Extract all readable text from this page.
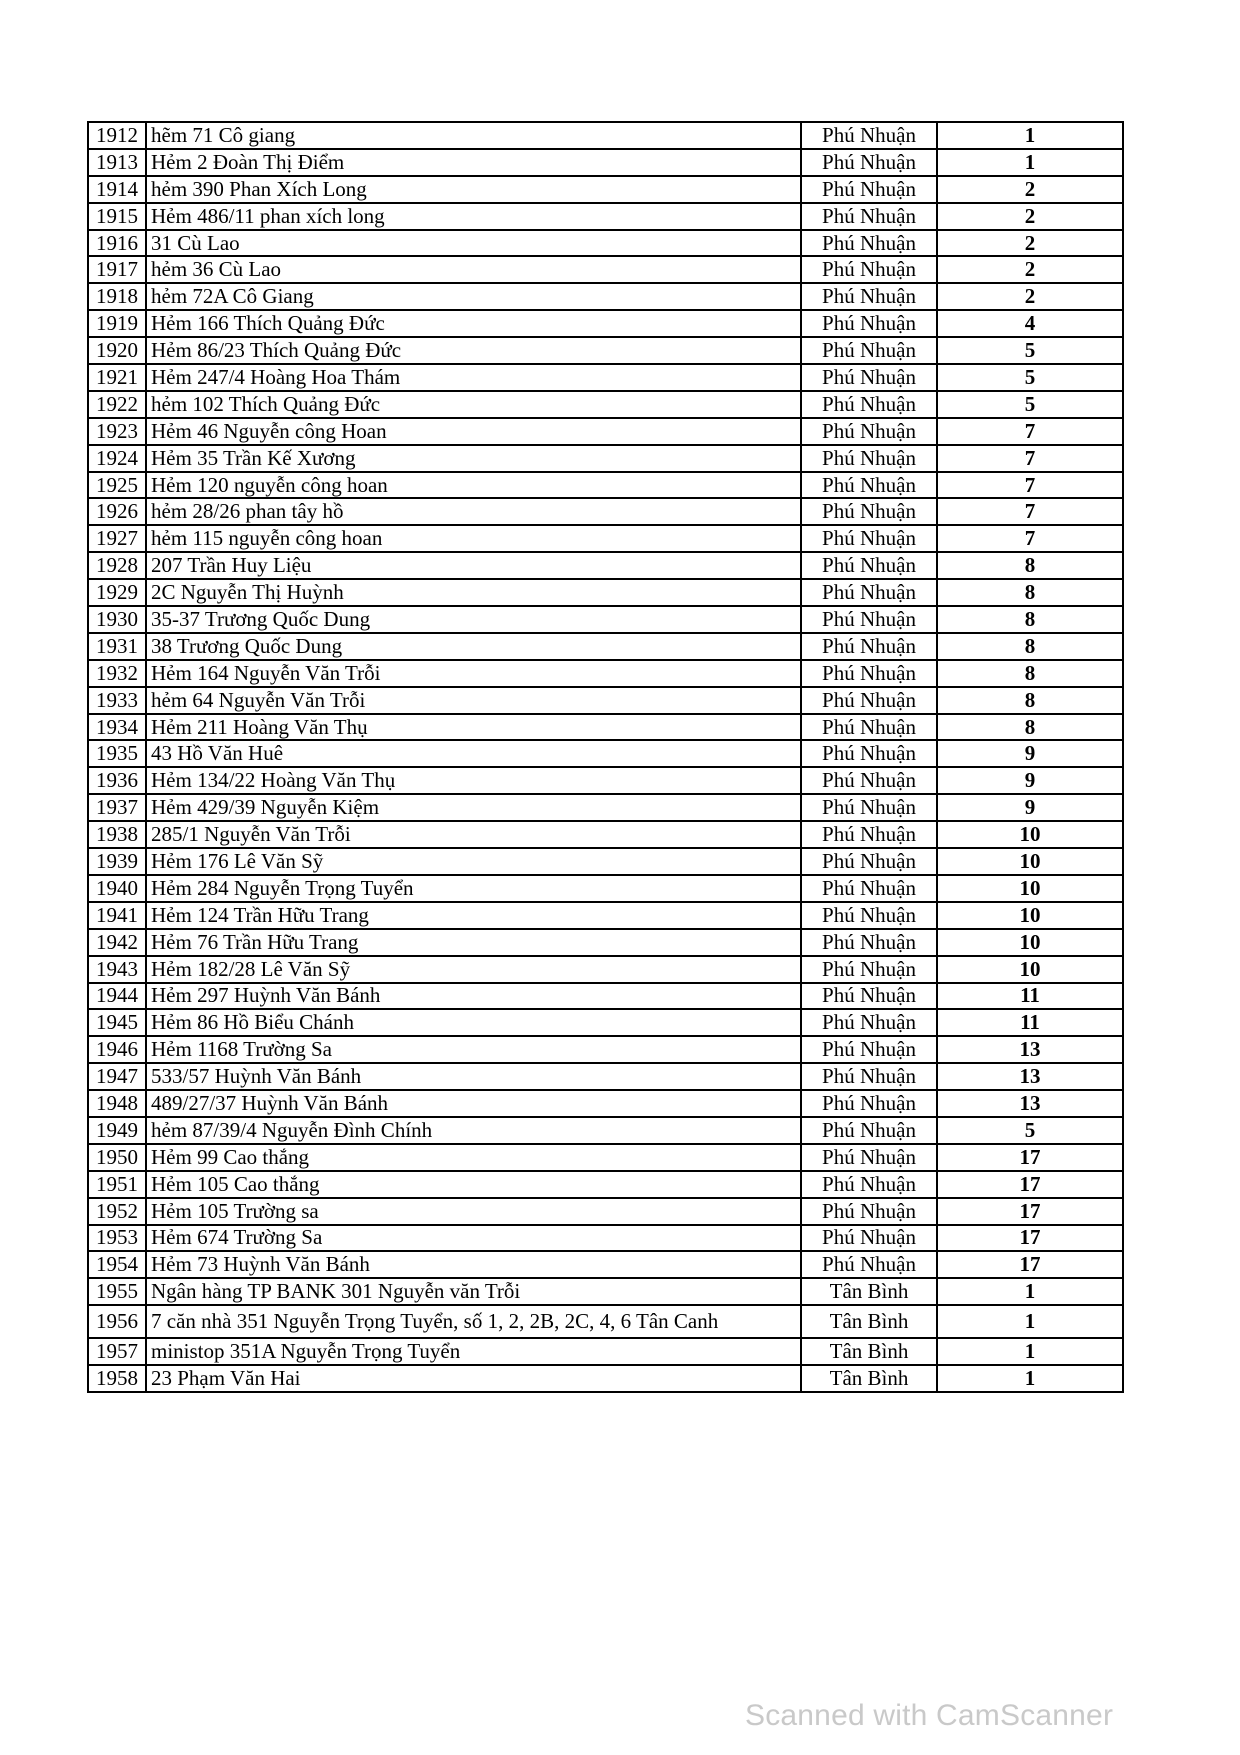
1912	hẽm 71 Cô giang	Phú Nhuận	1
1913	Hẻm 2 Đoàn Thị Điểm	Phú Nhuận	1
1914	hẻm 390 Phan Xích Long	Phú Nhuận	2
1915	Hẻm 486/11 phan xích long	Phú Nhuận	2
1916	31 Cù Lao	Phú Nhuận	2
1917	hẻm 36 Cù Lao	Phú Nhuận	2
1918	hẻm 72A Cô Giang	Phú Nhuận	2
1919	Hẻm 166 Thích Quảng Đức	Phú Nhuận	4
1920	Hẻm 86/23 Thích Quảng Đức	Phú Nhuận	5
1921	Hẻm 247/4 Hoàng Hoa Thám	Phú Nhuận	5
1922	hẻm 102 Thích Quảng Đức	Phú Nhuận	5
1923	Hẻm 46 Nguyễn công Hoan	Phú Nhuận	7
1924	Hẻm 35 Trần Kế Xương	Phú Nhuận	7
1925	Hẻm 120 nguyễn công hoan	Phú Nhuận	7
1926	hẻm 28/26 phan tây hồ	Phú Nhuận	7
1927	hẻm 115 nguyễn công hoan	Phú Nhuận	7
1928	207 Trần Huy Liệu	Phú Nhuận	8
1929	2C Nguyễn Thị Huỳnh	Phú Nhuận	8
1930	35-37 Trương Quốc Dung	Phú Nhuận	8
1931	38 Trương Quốc Dung	Phú Nhuận	8
1932	Hẻm 164 Nguyễn Văn Trỗi	Phú Nhuận	8
1933	hẻm 64 Nguyễn Văn Trỗi	Phú Nhuận	8
1934	Hẻm 211 Hoàng Văn Thụ	Phú Nhuận	8
1935	43 Hồ Văn Huê	Phú Nhuận	9
1936	Hẻm 134/22 Hoàng Văn Thụ	Phú Nhuận	9
1937	Hẻm 429/39 Nguyễn Kiệm	Phú Nhuận	9
1938	285/1 Nguyễn Văn Trỗi	Phú Nhuận	10
1939	Hẻm 176 Lê Văn Sỹ	Phú Nhuận	10
1940	Hẻm 284 Nguyễn Trọng Tuyển	Phú Nhuận	10
1941	Hẻm 124 Trần Hữu Trang	Phú Nhuận	10
1942	Hẻm 76 Trần Hữu Trang	Phú Nhuận	10
1943	Hẻm 182/28 Lê Văn Sỹ	Phú Nhuận	10
1944	Hẻm 297 Huỳnh Văn Bánh	Phú Nhuận	11
1945	Hẻm 86 Hồ Biểu Chánh	Phú Nhuận	11
1946	Hẻm 1168 Trường Sa	Phú Nhuận	13
1947	533/57 Huỳnh Văn Bánh	Phú Nhuận	13
1948	489/27/37 Huỳnh Văn Bánh	Phú Nhuận	13
1949	hẻm 87/39/4 Nguyễn Đình Chính	Phú Nhuận	5
1950	Hẻm 99 Cao thắng	Phú Nhuận	17
1951	Hẻm 105 Cao thắng	Phú Nhuận	17
1952	Hẻm 105 Trường sa	Phú Nhuận	17
1953	Hẻm 674 Trường Sa	Phú Nhuận	17
1954	Hẻm 73 Huỳnh Văn Bánh	Phú Nhuận	17
1955	Ngân hàng TP BANK 301 Nguyễn văn Trỗi	Tân Bình	1
1956	7 căn nhà 351 Nguyễn Trọng Tuyển, số 1, 2, 2B, 2C, 4, 6 Tân Canh	Tân Bình	1
1957	ministop 351A Nguyễn Trọng Tuyển	Tân Bình	1
1958	23 Phạm Văn Hai	Tân Bình	1
Scanned with CamScanner
